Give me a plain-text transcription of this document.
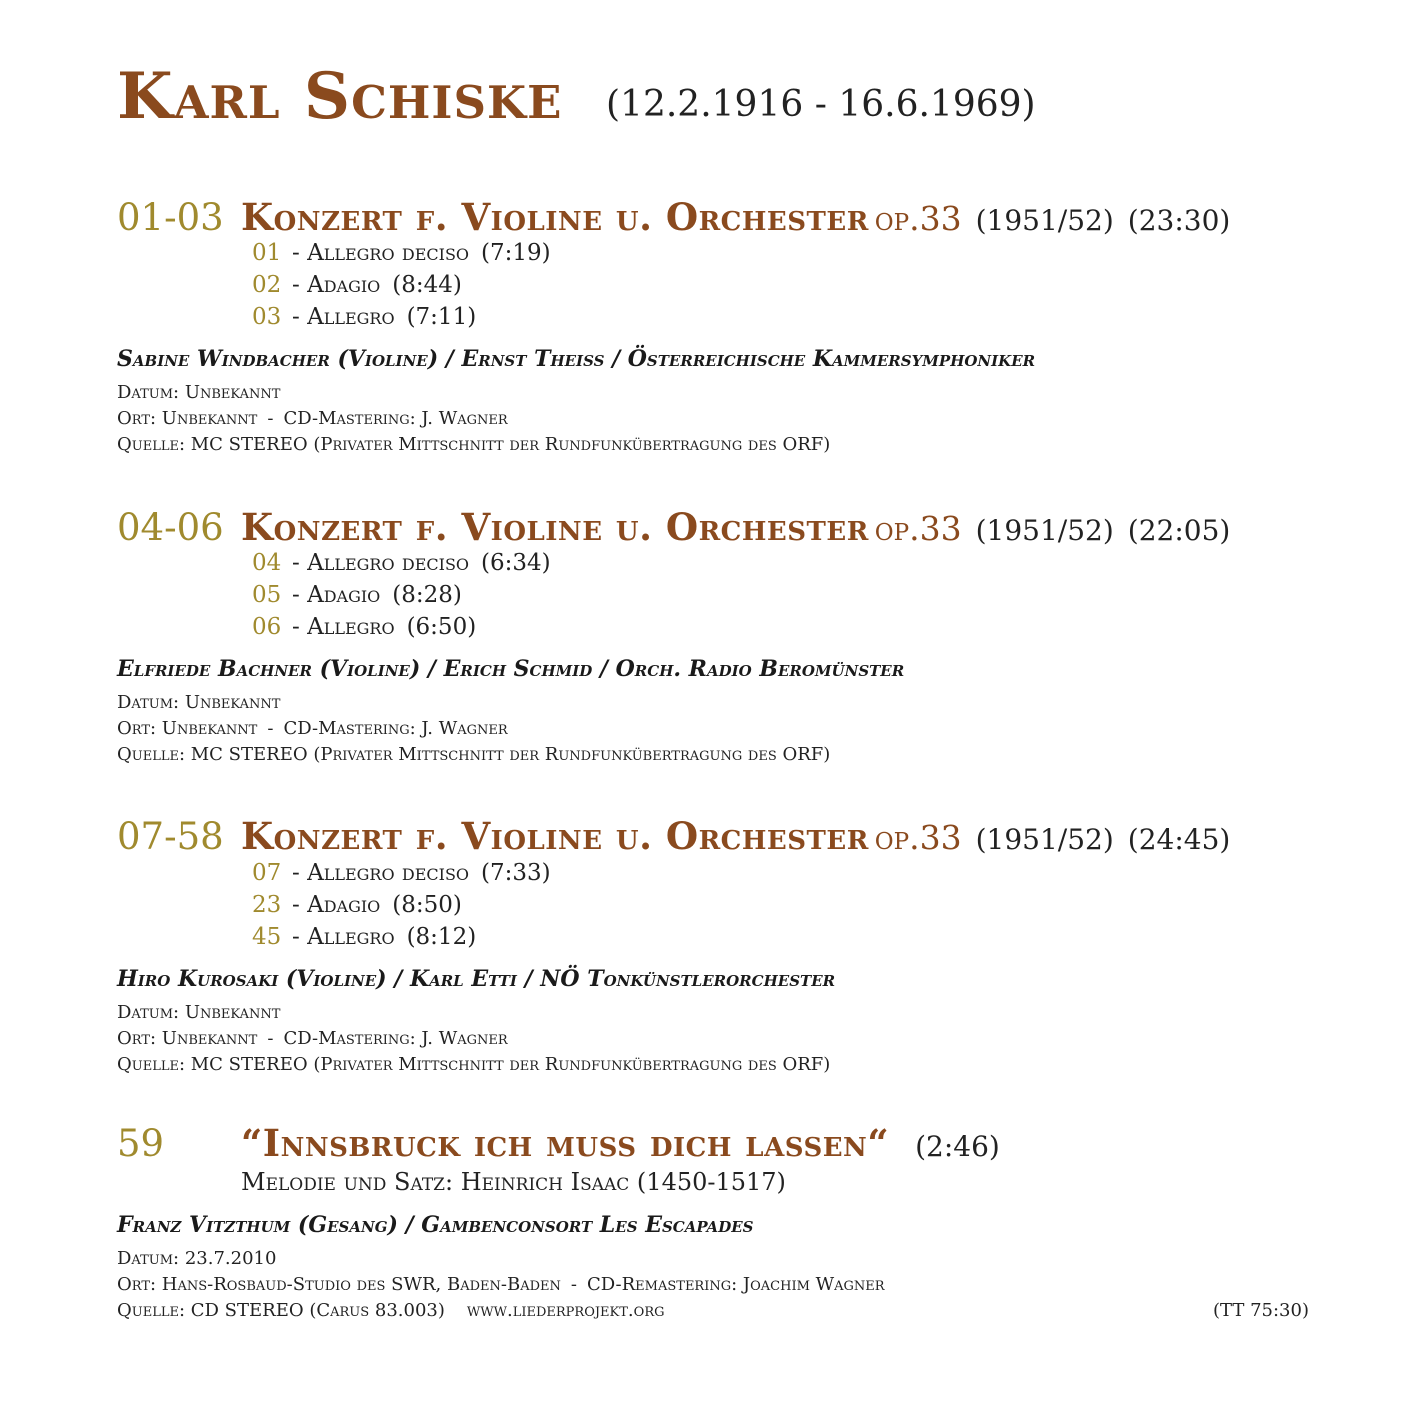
Karl Schiske (12.2.1916 - 16.6.1969)
01-03 Konzert f. Violine u. Orchester op.33 (1951/52) (23:30)
01 - Allegro deciso (7:19)
02 - Adagio (8:44)
03 - Allegro (7:11)
Sabine Windbacher (Violine) / Ernst Theiss / Österreichische Kammersymphoniker
Datum: Unbekannt
Ort: Unbekannt - CD-Mastering: J. Wagner
Quelle: MC STEREO (Privater Mittschnitt der Rundfunkübertragung des ORF)
04-06 Konzert f. Violine u. Orchester op.33 (1951/52) (22:05)
04 - Allegro deciso (6:34)
05 - Adagio (8:28)
06 - Allegro (6:50)
Elfriede Bachner (Violine) / Erich Schmid / Orch. Radio Beromünster
Datum: Unbekannt
Ort: Unbekannt - CD-Mastering: J. Wagner
Quelle: MC STEREO (Privater Mittschnitt der Rundfunkübertragung des ORF)
07-58 Konzert f. Violine u. Orchester op.33 (1951/52) (24:45)
07 - Allegro deciso (7:33)
23 - Adagio (8:50)
45 - Allegro (8:12)
Hiro Kurosaki (Violine) / Karl Etti / NÖ Tonkünstlerorchester
Datum: Unbekannt
Ort: Unbekannt - CD-Mastering: J. Wagner
Quelle: MC STEREO (Privater Mittschnitt der Rundfunkübertragung des ORF)
59 “Innsbruck ich muss dich lassen“ (2:46)
Melodie und Satz: Heinrich Isaac (1450-1517)
Franz Vitzthum (Gesang) / Gambenconsort Les Escapades
Datum: 23.7.2010
Ort: Hans-Rosbaud-Studio des SWR, Baden-Baden - CD-Remastering: Joachim Wagner
Quelle: CD STEREO (Carus 83.003) www.liederprojekt.org	(TT 75:30)
